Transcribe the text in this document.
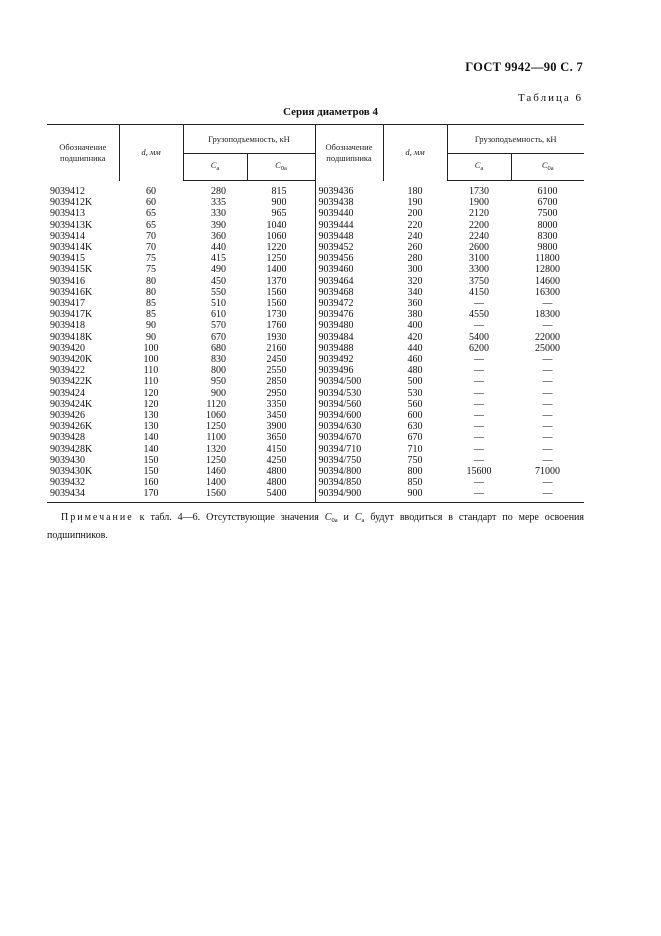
ГОСТ 9942—90 С. 7
Таблица 6
Серия диаметров 4
Обозначение подшипника	d, мм	Грузоподъемность, кН		Обозначение подшипника	d, мм	Грузоподъемность, кН	
		$C_a$	$C_{0a}$			$C_a$	$C_{0a}$
9039412	60	280	815	9039436	180	1730	6100
9039412K	60	335	900	9039438	190	1900	6700
9039413	65	330	965	9039440	200	2120	7500
9039413K	65	390	1040	9039444	220	2200	8000
9039414	70	360	1060	9039448	240	2240	8300
9039414K	70	440	1220	9039452	260	2600	9800
9039415	75	415	1250	9039456	280	3100	11800
9039415K	75	490	1400	9039460	300	3300	12800
9039416	80	450	1370	9039464	320	3750	14600
9039416K	80	550	1560	9039468	340	4150	16300
9039417	85	510	1560	9039472	360	—	—
9039417K	85	610	1730	9039476	380	4550	18300
9039418	90	570	1760	9039480	400	—	—
9039418K	90	670	1930	9039484	420	5400	22000
9039420	100	680	2160	9039488	440	6200	25000
9039420K	100	830	2450	9039492	460	—	—
9039422	110	800	2550	9039496	480	—	—
9039422K	110	950	2850	90394/500	500	—	—
9039424	120	900	2950	90394/530	530	—	—
9039424K	120	1120	3350	90394/560	560	—	—
9039426	130	1060	3450	90394/600	600	—	—
9039426K	130	1250	3900	90394/630	630	—	—
9039428	140	1100	3650	90394/670	670	—	—
9039428K	140	1320	4150	90394/710	710	—	—
9039430	150	1250	4250	90394/750	750	—	—
9039430K	150	1460	4800	90394/800	800	15600	71000
9039432	160	1400	4800	90394/850	850	—	—
9039434	170	1560	5400	90394/900	900	—	—
Примечание к табл. 4—6. Отсутствующие значения $C_{0a}$ и $C_a$ будут вводиться в стандарт по мере освоения подшипников.
